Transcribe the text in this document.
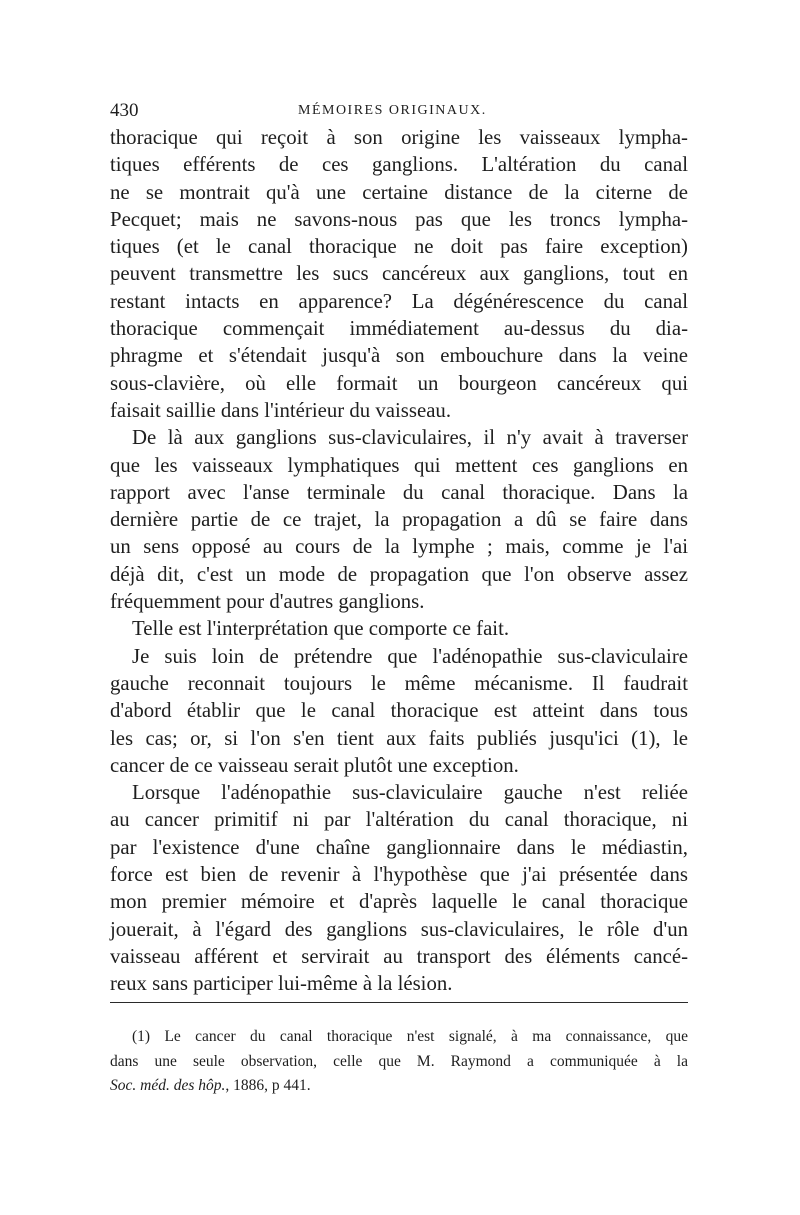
430	MÉMOIRES ORIGINAUX.
thoracique qui reçoit à son origine les vaisseaux lympha-
tiques efférents de ces ganglions. L'altération du canal
ne se montrait qu'à une certaine distance de la citerne de
Pecquet; mais ne savons-nous pas que les troncs lympha-
tiques (et le canal thoracique ne doit pas faire exception)
peuvent transmettre les sucs cancéreux aux ganglions, tout en
restant intacts en apparence? La dégénérescence du canal
thoracique commençait immédiatement au-dessus du dia-
phragme et s'étendait jusqu'à son embouchure dans la veine
sous-clavière, où elle formait un bourgeon cancéreux qui
faisait saillie dans l'intérieur du vaisseau.
De là aux ganglions sus-claviculaires, il n'y avait à traverser
que les vaisseaux lymphatiques qui mettent ces ganglions en
rapport avec l'anse terminale du canal thoracique. Dans la
dernière partie de ce trajet, la propagation a dû se faire dans
un sens opposé au cours de la lymphe ; mais, comme je l'ai
déjà dit, c'est un mode de propagation que l'on observe assez
fréquemment pour d'autres ganglions.
Telle est l'interprétation que comporte ce fait.
Je suis loin de prétendre que l'adénopathie sus-claviculaire
gauche reconnait toujours le même mécanisme. Il faudrait
d'abord établir que le canal thoracique est atteint dans tous
les cas; or, si l'on s'en tient aux faits publiés jusqu'ici (1), le
cancer de ce vaisseau serait plutôt une exception.
Lorsque l'adénopathie sus-claviculaire gauche n'est reliée
au cancer primitif ni par l'altération du canal thoracique, ni
par l'existence d'une chaîne ganglionnaire dans le médiastin,
force est bien de revenir à l'hypothèse que j'ai présentée dans
mon premier mémoire et d'après laquelle le canal thoracique
jouerait, à l'égard des ganglions sus-claviculaires, le rôle d'un
vaisseau afférent et servirait au transport des éléments cancé-
reux sans participer lui-même à la lésion.
(1) Le cancer du canal thoracique n'est signalé, à ma connaissance, que
dans une seule observation, celle que M. Raymond a communiquée à la
Soc. méd. des hôp., 1886, p 441.
